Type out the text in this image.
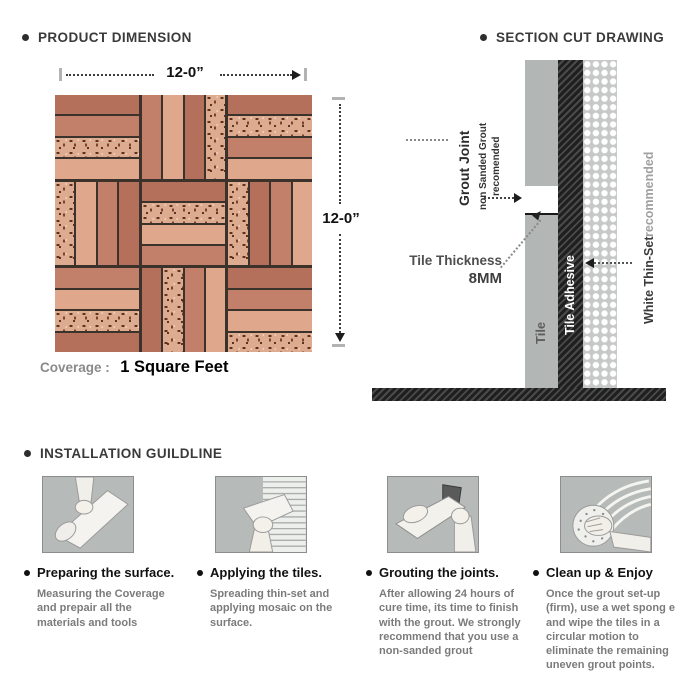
PRODUCT DIMENSION
12-0”
12-0”
Coverage : 1 Square Feet
SECTION CUT DRAWING
Grout Joint non Sanded Grout recomended
Tile Thickness
8MM
Tile Tile Adhesive	White Thin-Set
recommended
INSTALLATION GUILDLINE
Preparing the surface.
Measuring the Coverage and prepair all the materials and tools
Applying the tiles.
Spreading thin-set and applying mosaic on the surface.
Grouting the joints.
After allowing 24 hours of cure time, its time to finish with the grout. We strongly recommend that you use a non-sanded grout
Clean up & Enjoy
Once the grout set-up (firm), use a wet spong e and wipe the tiles in a circular motion to eliminate the remaining uneven grout points.
